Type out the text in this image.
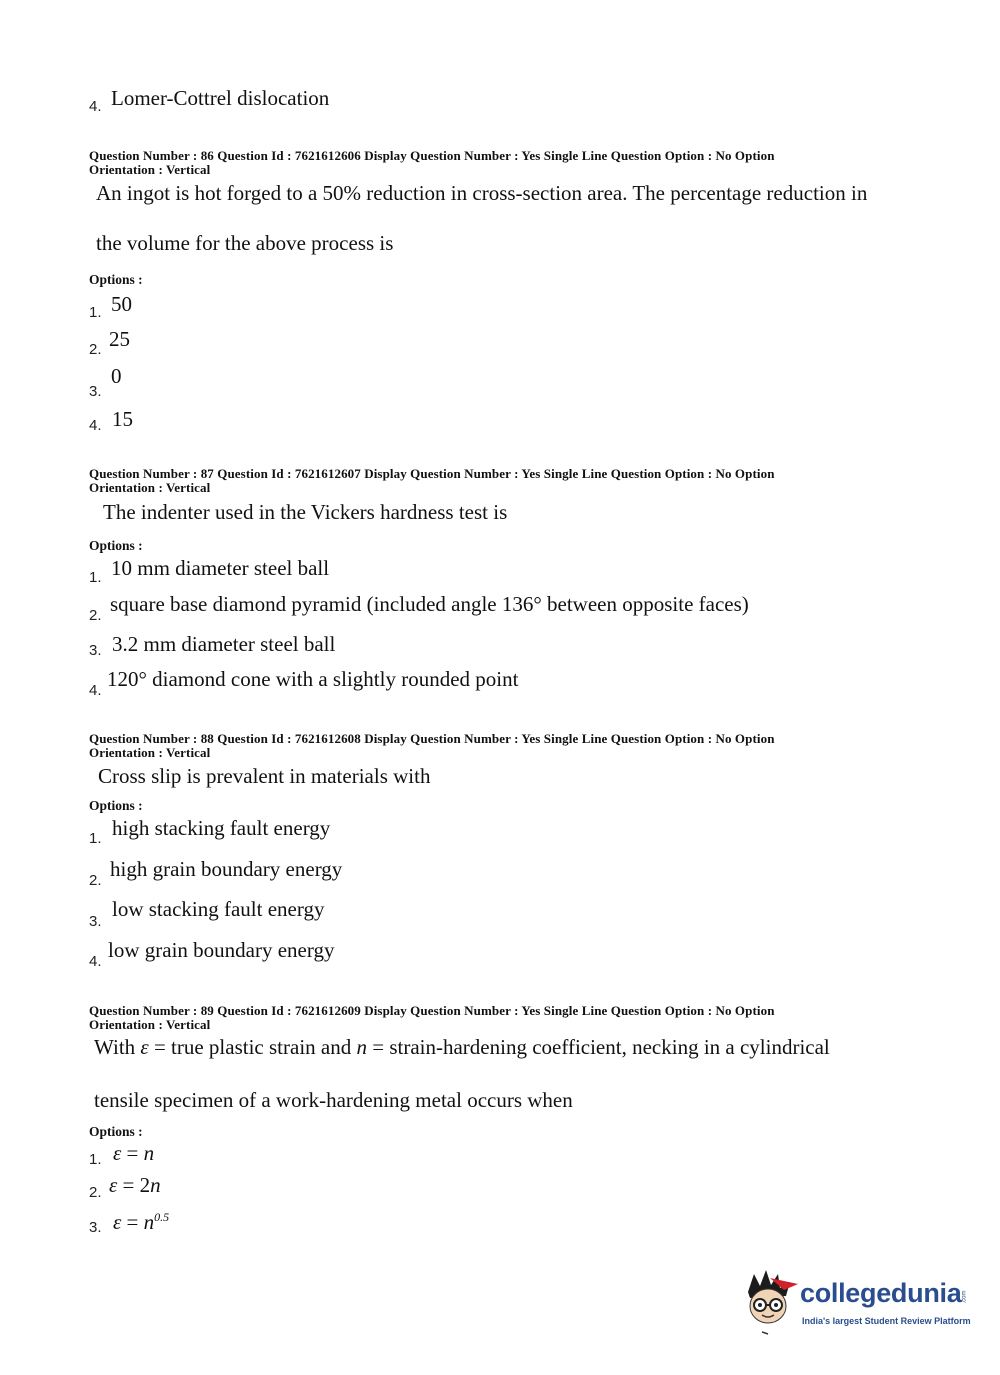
4. Lomer-Cottrel dislocation
Question Number : 86 Question Id : 7621612606 Display Question Number : Yes Single Line Question Option : No Option
Orientation : Vertical
An ingot is hot forged to a 50% reduction in cross-section area. The percentage reduction in
the volume for the above process is
Options :
1. 50
2. 25
3.
0
4. 15
Question Number : 87 Question Id : 7621612607 Display Question Number : Yes Single Line Question Option : No Option
Orientation : Vertical
The indenter used in the Vickers hardness test is
Options :
1. 10 mm diameter steel ball
2. square base diamond pyramid (included angle 136° between opposite faces)
3. 3.2 mm diameter steel ball
4. 120° diamond cone with a slightly rounded point
Question Number : 88 Question Id : 7621612608 Display Question Number : Yes Single Line Question Option : No Option
Orientation : Vertical
Cross slip is prevalent in materials with
Options :
1. high stacking fault energy
2. high grain boundary energy
3.
low stacking fault energy
4. low grain boundary energy
Question Number : 89 Question Id : 7621612609 Display Question Number : Yes Single Line Question Option : No Option
Orientation : Vertical
With ε = true plastic strain and n = strain-hardening coefficient, necking in a cylindrical
tensile specimen of a work-hardening metal occurs when
Options :
1. ε = n
2. ε = 2n
3. $\varepsilon = n^{0.5}$
collegedunia .com
India's largest Student Review Platform
